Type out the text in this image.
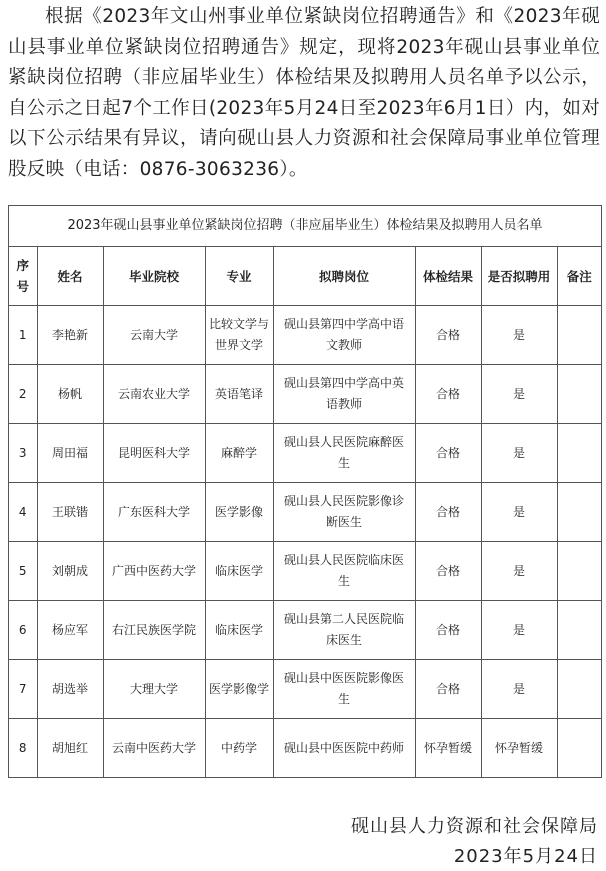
根据《2023年文山州事业单位紧缺岗位招聘通告》和《2023年砚山县事业单位紧缺岗位招聘通告》规定，现将2023年砚山县事业单位紧缺岗位招聘（非应届毕业生）体检结果及拟聘用人员名单予以公示，自公示之日起7个工作日(2023年5月24日至2023年6月1日）内，如对以下公示结果有异议，请向砚山县人力资源和社会保障局事业单位管理股反映（电话：0876-3063236）。

2023年砚山县事业单位紧缺岗位招聘（非应届毕业生）体检结果及拟聘用人员名单
序号	姓名	毕业院校	专业	拟聘岗位	体检结果	是否拟聘用	备注
1	李艳新	云南大学	比较文学与世界文学	砚山县第四中学高中语文教师	合格	是	
2	杨帆	云南农业大学	英语笔译	砚山县第四中学高中英语教师	合格	是	
3	周田福	昆明医科大学	麻醉学	砚山县人民医院麻醉医生	合格	是	
4	王联锴	广东医科大学	医学影像	砚山县人民医院影像诊断医生	合格	是	
5	刘朝成	广西中医药大学	临床医学	砚山县人民医院临床医生	合格	是	
6	杨应军	右江民族医学院	临床医学	砚山县第二人民医院临床医生	合格	是	
7	胡选举	大理大学	医学影像学	砚山县中医医院影像医生	合格	是	
8	胡旭红	云南中医药大学	中药学	砚山县中医医院中药师	怀孕暂缓	怀孕暂缓	

砚山县人力资源和社会保障局

2023年5月24日
